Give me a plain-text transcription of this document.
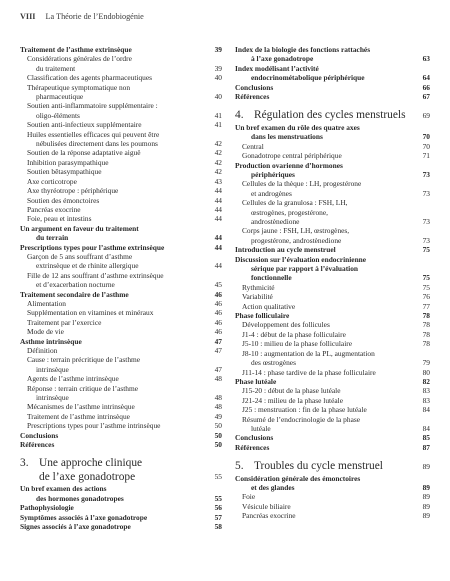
VIII La Théorie de l’Endobiogénie
Traitement de l’asthme extrinsèque	39
Considérations générales de l’ordre
du traitement	39
Classification des agents pharmaceutiques	40
Thérapeutique symptomatique non
pharmaceutique	40
Soutien anti-inflammatoire supplémentaire :
oligo-éléments	41
Soutien anti-infectieux supplémentaire	41
Huiles essentielles efficaces qui peuvent être
nébulisées directement dans les poumons	42
Soutien de la réponse adaptative aiguë	42
Inhibition parasympathique	42
Soutien bêtasympathique	42
Axe corticotrope	43
Axe thyréotrope : périphérique	44
Soutien des émonctoires	44
Pancréas exocrine	44
Foie, peau et intestins	44
Un argument en faveur du traitement
du terrain	44
Prescriptions types pour l’asthme extrinsèque	44
Garçon de 5 ans souffrant d’asthme
extrinsèque et de rhinite allergique	44
Fille de 12 ans souffrant d’asthme extrinsèque
et d’exacerbation nocturne	45
Traitement secondaire de l’asthme	46
Alimentation	46
Supplémentation en vitamines et minéraux	46
Traitement par l’exercice	46
Mode de vie	46
Asthme intrinsèque	47
Définition	47
Cause : terrain précritique de l’asthme
intrinsèque	47
Agents de l’asthme intrinsèque	48
Réponse : terrain critique de l’asthme
intrinsèque	48
Mécanismes de l’asthme intrinsèque	48
Traitement de l’asthme intrinsèque	49
Prescriptions types pour l’asthme intrinsèque	50
Conclusions	50
Références	50
3. Une approche clinique
de l’axe gonadotrope	55
Un bref examen des actions
des hormones gonadotropes	55
Pathophysiologie	56
Symptômes associés à l’axe gonadotrope	57
Signes associés à l’axe gonadotrope	58
Index de la biologie des fonctions rattachés
à l’axe gonadotrope	63
Index modélisant l’activité
endocrinométabolique périphérique	64
Conclusions	66
Références	67
4. Régulation des cycles menstruels	69
Un bref examen du rôle des quatre axes
dans les menstruations	70
Central	70
Gonadotrope central périphérique	71
Production ovarienne d’hormones
périphériques	73
Cellules de la thèque : LH, progestérone
et androgènes	73
Cellules de la granulosa : FSH, LH,
œstrogènes, progestérone,
androstènedione	73
Corps jaune : FSH, LH, œstrogènes,
progestérone, androstènedione	73
Introduction au cycle menstruel	75
Discussion sur l’évaluation endocrinienne
sérique par rapport à l’évaluation
fonctionnelle	75
Rythmicité	75
Variabilité	76
Action qualitative	77
Phase folliculaire	78
Développement des follicules	78
J1-4 : début de la phase folliculaire	78
J5-10 : milieu de la phase folliculaire	78
J8-10 : augmentation de la PL, augmentation
des œstrogènes	79
J11-14 : phase tardive de la phase folliculaire	80
Phase lutéale	82
J15-20 : début de la phase lutéale	83
J21-24 : milieu de la phase lutéale	83
J25 : menstruation : fin de la phase lutéale	84
Résumé de l’endocrinologie de la phase
lutéale	84
Conclusions	85
Références	87
5. Troubles du cycle menstruel	89
Considération générale des émonctoires
et des glandes	89
Foie	89
Vésicule biliaire	89
Pancréas exocrine	89
